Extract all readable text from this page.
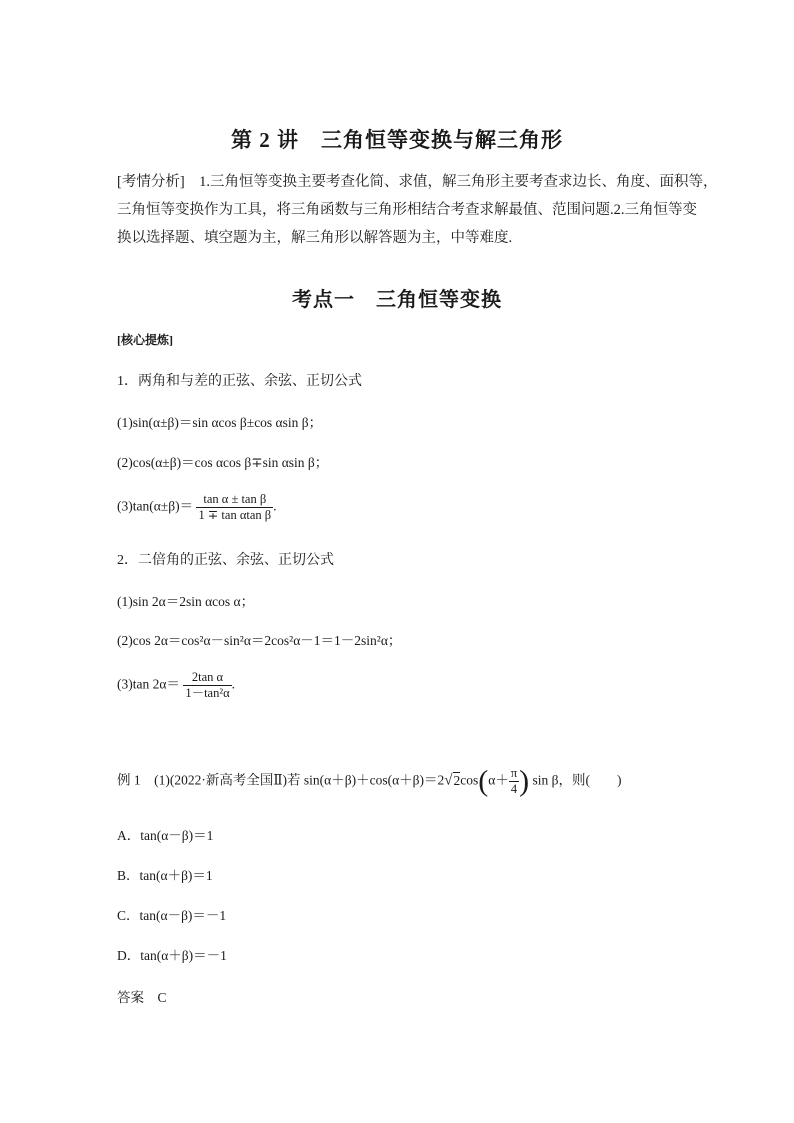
第 2 讲　三角恒等变换与解三角形
[考情分析]　1.三角恒等变换主要考查化简、求值，解三角形主要考查求边长、角度、面积等，
三角恒等变换作为工具，将三角函数与三角形相结合考查求解最值、范围问题.2.三角恒等变
换以选择题、填空题为主，解三角形以解答题为主，中等难度.
考点一　三角恒等变换
[核心提炼]
1．两角和与差的正弦、余弦、正切公式
(1)sin(α±β)＝sin αcos β±cos αsin β；
(2)cos(α±β)＝cos αcos β∓sin αsin β；
$(3)\tan(\alpha\pm\beta)= \frac{\text{tan α ± tan β}}{\text{1 ∓ tan αtan β}}$ .
2．二倍角的正弦、余弦、正切公式
(1)sin 2α＝2sin αcos α；
(2)cos 2α＝cos²α－sin²α＝2cos²α－1＝1－2sin²α；
(3)tan $2\alpha= \frac{\text{2tan α}}{\text{1－tan²α}}$ .
例 1　(1)(2022·新高考全国Ⅱ)若 $\sin(\alpha+\beta)+\cos(\alpha+\beta)=2√2\cos(\alpha+ \frac{\pi}{4}$ ) sin β，则(　　)
A．tan(α－β)＝1
B．tan(α＋β)＝1
C．tan(α－β)＝－1
D．tan(α＋β)＝－1
答案　C
